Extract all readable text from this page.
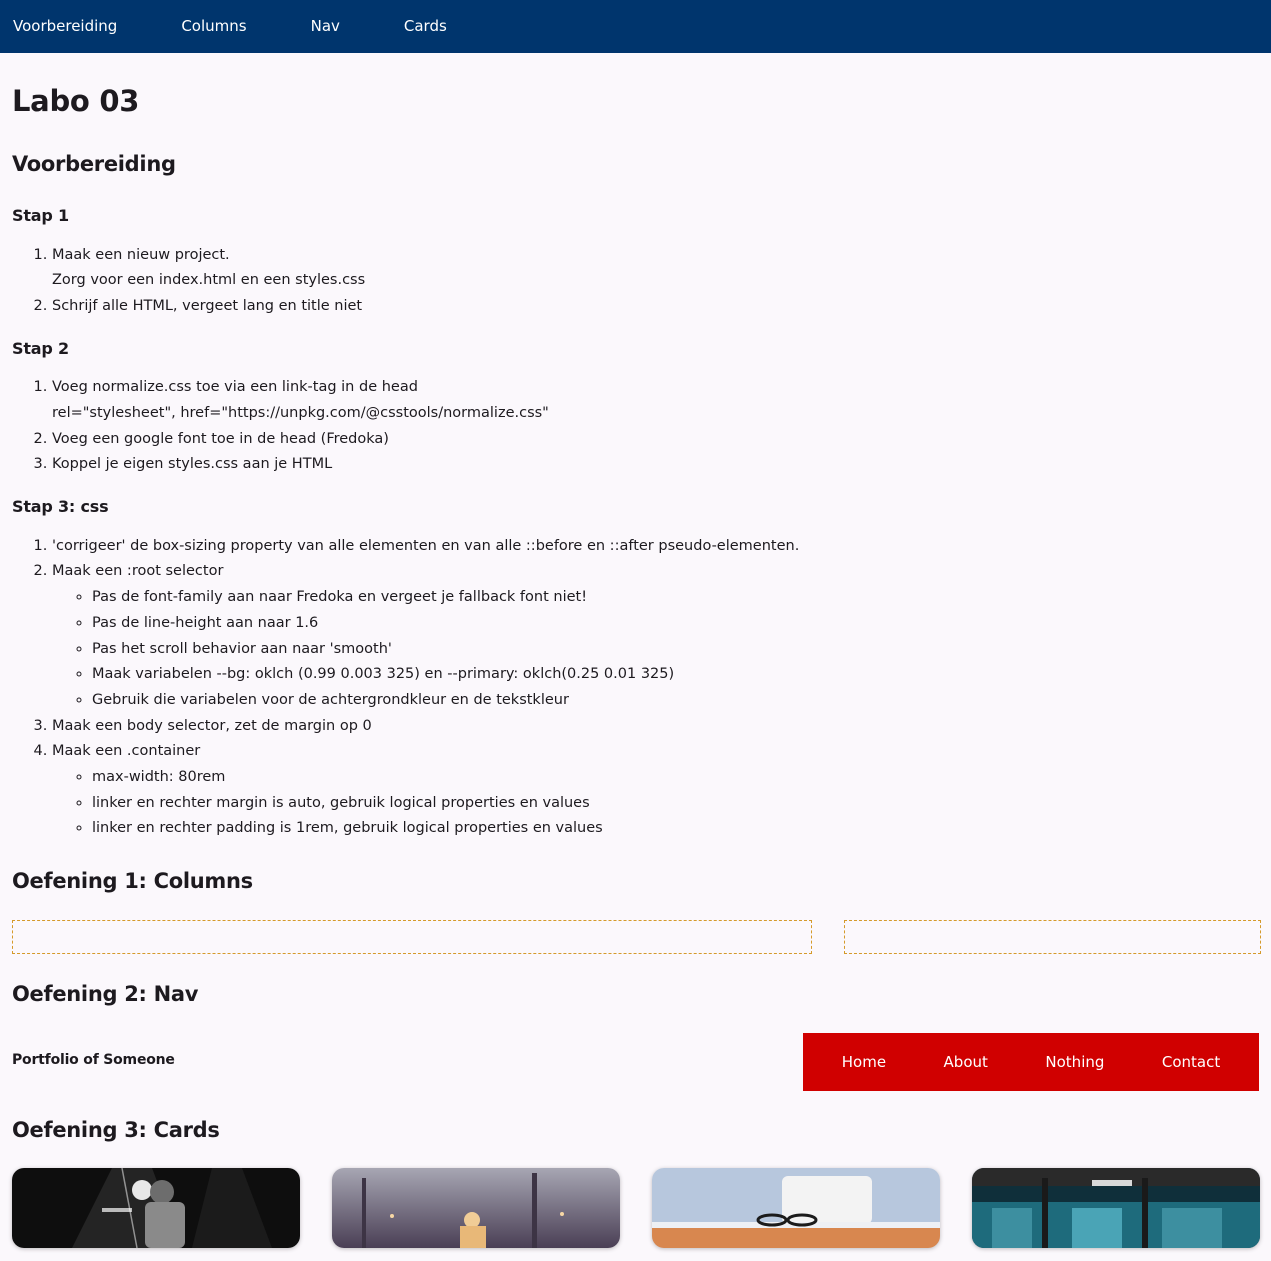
Voorbereiding	Columns	Nav	Cards
Labo 03
Voorbereiding
Stap 1
1. Maak een nieuw project.
Zorg voor een index.html en een styles.css
2. Schrijf alle HTML, vergeet lang en title niet
Stap 2
1. Voeg normalize.css toe via een link-tag in de head
rel="stylesheet", href="https://unpkg.com/@csstools/normalize.css"
2. Voeg een google font toe in de head (Fredoka)
3. Koppel je eigen styles.css aan je HTML
Stap 3: css
1. 'corrigeer' de box-sizing property van alle elementen en van alle ::before en ::after pseudo-elementen.
2. Maak een :root selector
◦ Pas de font-family aan naar Fredoka en vergeet je fallback font niet!
◦ Pas de line-height aan naar 1.6
◦ Pas het scroll behavior aan naar 'smooth'
◦ Maak variabelen --bg: oklch (0.99 0.003 325) en --primary: oklch(0.25 0.01 325)
◦ Gebruik die variabelen voor de achtergrondkleur en de tekstkleur
3. Maak een body selector, zet de margin op 0
4. Maak een .container
◦ max-width: 80rem
◦ linker en rechter margin is auto, gebruik logical properties en values
◦ linker en rechter padding is 1rem, gebruik logical properties en values
Oefening 1: Columns
Oefening 2: Nav
Portfolio of Someone	Home	About	Nothing	Contact
Oefening 3: Cards
